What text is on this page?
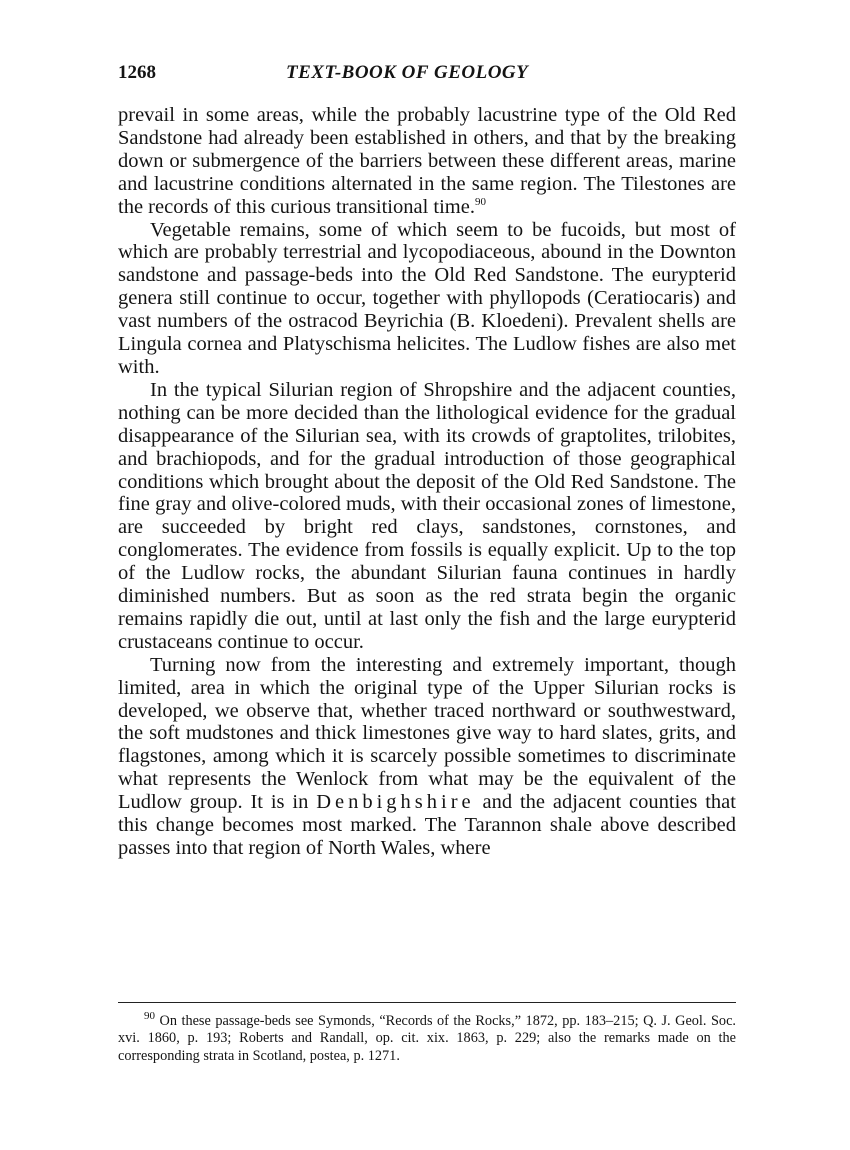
1268	TEXT-BOOK OF GEOLOGY

prevail in some areas, while the probably lacustrine type of the Old Red Sandstone had already been established in others, and that by the breaking down or submergence of the barriers between these different areas, marine and lacustrine conditions alternated in the same region. The Tilestones are the records of this curious transitional time.$^{90}$

Vegetable remains, some of which seem to be fucoids, but most of which are probably terrestrial and lycopodiaceous, abound in the Downton sandstone and passage-beds into the Old Red Sandstone. The eurypterid genera still continue to occur, together with phyllopods (Ceratiocaris) and vast numbers of the ostracod Beyrichia (B. Kloedeni). Prevalent shells are Lingula cornea and Platyschisma helicites. The Ludlow fishes are also met with.

In the typical Silurian region of Shropshire and the adjacent counties, nothing can be more decided than the lithological evidence for the gradual disappearance of the Silurian sea, with its crowds of graptolites, trilobites, and brachiopods, and for the gradual introduction of those geographical conditions which brought about the deposit of the Old Red Sandstone. The fine gray and olive-colored muds, with their occasional zones of limestone, are succeeded by bright red clays, sandstones, cornstones, and conglomerates. The evidence from fossils is equally explicit. Up to the top of the Ludlow rocks, the abundant Silurian fauna continues in hardly diminished numbers. But as soon as the red strata begin the organic remains rapidly die out, until at last only the fish and the large eurypterid crustaceans continue to occur.

Turning now from the interesting and extremely important, though limited, area in which the original type of the Upper Silurian rocks is developed, we observe that, whether traced northward or southwestward, the soft mudstones and thick limestones give way to hard slates, grits, and flagstones, among which it is scarcely possible sometimes to discriminate what represents the Wenlock from what may be the equivalent of the Ludlow group. It is in Denbighshire and the adjacent counties that this change becomes most marked. The Tarannon shale above described passes into that region of North Wales, where

$^{90}$ On these passage-beds see Symonds, “Records of the Rocks,” 1872, pp. 183–215; Q. J. Geol. Soc. xvi. 1860, p. 193; Roberts and Randall, op. cit. xix. 1863, p. 229; also the remarks made on the corresponding strata in Scotland, postea, p. 1271.
